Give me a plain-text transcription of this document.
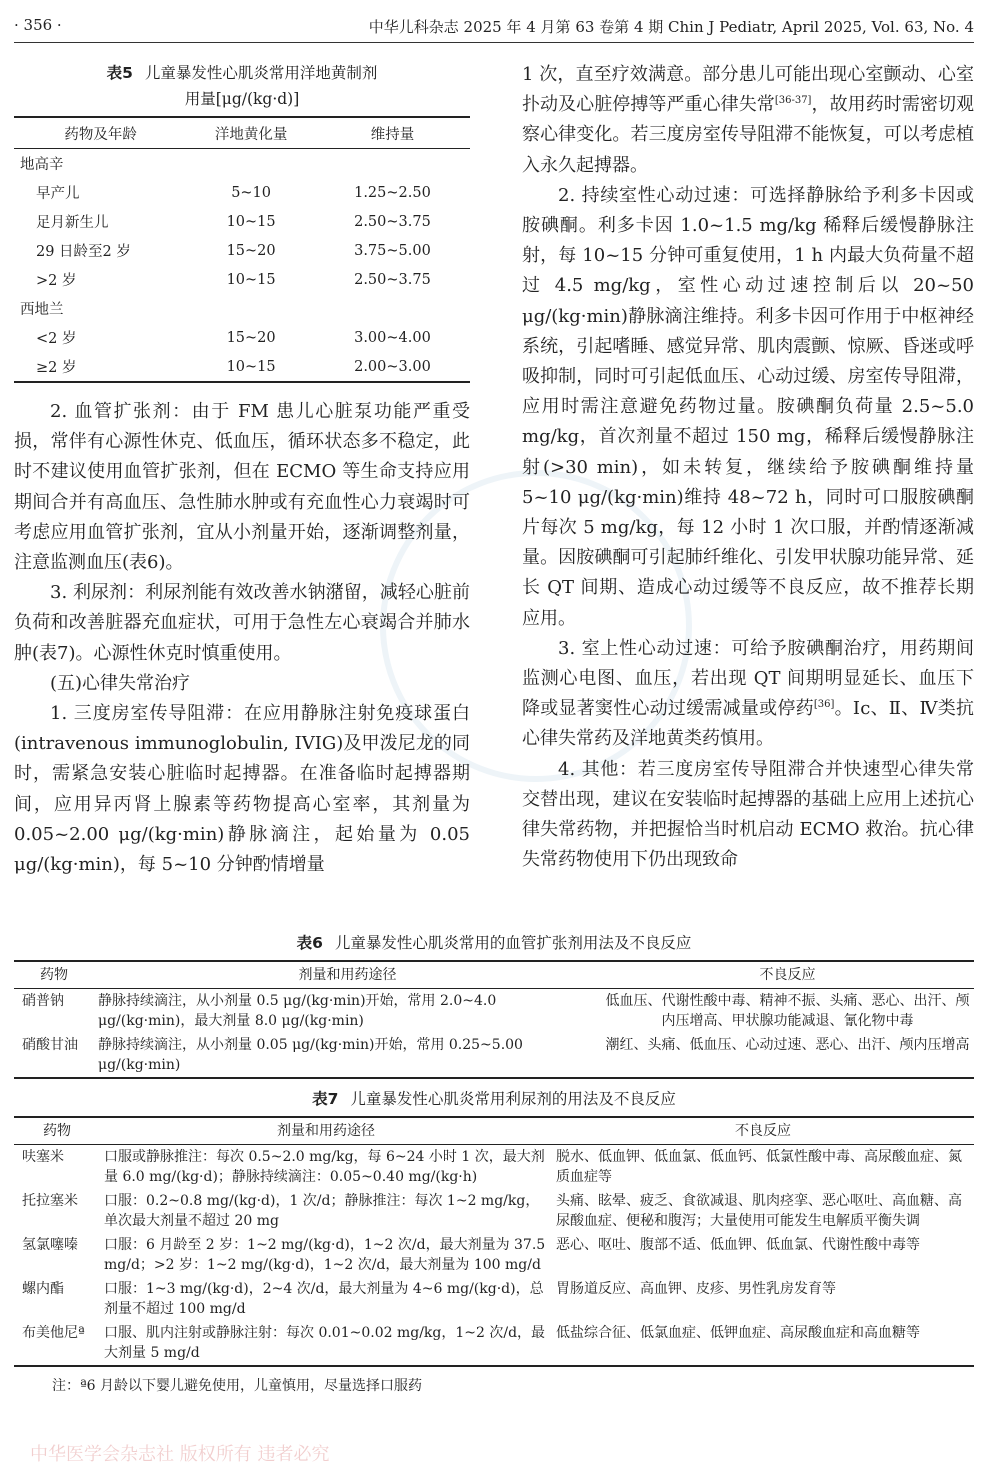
· 356 ·	中华儿科杂志 2025 年 4 月第 63 卷第 4 期 Chin J Pediatr, April 2025, Vol. 63, No. 4
表5 儿童暴发性心肌炎常用洋地黄制剂
用量[μg/(kg·d)]
药物及年龄	洋地黄化量	维持量
地高辛		
早产儿	5~10	1.25~2.50
足月新生儿	10~15	2.50~3.75
29 日龄至2 岁	15~20	3.75~5.00
>2 岁	10~15	2.50~3.75
西地兰		
<2 岁	15~20	3.00~4.00
≥2 岁	10~15	2.00~3.00

2. 血管扩张剂：由于 FM 患儿心脏泵功能严重受损，常伴有心源性休克、低血压，循环状态多不稳定，此时不建议使用血管扩张剂，但在 ECMO 等生命支持应用期间合并有高血压、急性肺水肿或有充血性心力衰竭时可考虑应用血管扩张剂，宜从小剂量开始，逐渐调整剂量，注意监测血压(表6)。

3. 利尿剂：利尿剂能有效改善水钠潴留，减轻心脏前负荷和改善脏器充血症状，可用于急性左心衰竭合并肺水肿(表7)。心源性休克时慎重使用。

(五)心律失常治疗

1. 三度房室传导阻滞：在应用静脉注射免疫球蛋白(intravenous immunoglobulin, IVIG)及甲泼尼龙的同时，需紧急安装心脏临时起搏器。在准备临时起搏器期间，应用异丙肾上腺素等药物提高心室率，其剂量为 0.05~2.00 μg/(kg·min)静脉滴注，起始量为 0.05 μg/(kg·min)，每 5~10 分钟酌情增量

1 次，直至疗效满意。部分患儿可能出现心室颤动、心室扑动及心脏停搏等严重心律失常[36-37]，故用药时需密切观察心律变化。若三度房室传导阻滞不能恢复，可以考虑植入永久起搏器。

2. 持续室性心动过速：可选择静脉给予利多卡因或胺碘酮。利多卡因 1.0~1.5 mg/kg 稀释后缓慢静脉注射，每 10~15 分钟可重复使用，1 h 内最大负荷量不超过 4.5 mg/kg，室性心动过速控制后以 20~50 μg/(kg·min)静脉滴注维持。利多卡因可作用于中枢神经系统，引起嗜睡、感觉异常、肌肉震颤、惊厥、昏迷或呼吸抑制，同时可引起低血压、心动过缓、房室传导阻滞，应用时需注意避免药物过量。胺碘酮负荷量 2.5~5.0 mg/kg，首次剂量不超过 150 mg，稀释后缓慢静脉注射(>30 min)，如未转复，继续给予胺碘酮维持量 5~10 μg/(kg·min)维持 48~72 h，同时可口服胺碘酮片每次 5 mg/kg，每 12 小时 1 次口服，并酌情逐渐减量。因胺碘酮可引起肺纤维化、引发甲状腺功能异常、延长 QT 间期、造成心动过缓等不良反应，故不推荐长期应用。

3. 室上性心动过速：可给予胺碘酮治疗，用药期间监测心电图、血压，若出现 QT 间期明显延长、血压下降或显著窦性心动过缓需减量或停药[36]。Ⅰc、Ⅱ、Ⅳ类抗心律失常药及洋地黄类药慎用。

4. 其他：若三度房室传导阻滞合并快速型心律失常交替出现，建议在安装临时起搏器的基础上应用上述抗心律失常药物，并把握恰当时机启动 ECMO 救治。抗心律失常药物使用下仍出现致命

表6 儿童暴发性心肌炎常用的血管扩张剂用法及不良反应
药物	剂量和用药途径	不良反应
硝普钠	静脉持续滴注，从小剂量 0.5 μg/(kg·min)开始，常用 2.0~4.0 μg/(kg·min)，最大剂量 8.0 μg/(kg·min)	低血压、代谢性酸中毒、精神不振、头痛、恶心、出汗、颅内压增高、甲状腺功能减退、氰化物中毒
硝酸甘油	静脉持续滴注，从小剂量 0.05 μg/(kg·min)开始，常用 0.25~5.00 μg/(kg·min)	潮红、头痛、低血压、心动过速、恶心、出汗、颅内压增高
表7 儿童暴发性心肌炎常用利尿剂的用法及不良反应
药物	剂量和用药途径	不良反应
呋塞米	口服或静脉推注：每次 0.5~2.0 mg/kg，每 6~24 小时 1 次，最大剂量 6.0 mg/(kg·d)；静脉持续滴注：0.05~0.40 mg/(kg·h)	脱水、低血钾、低血氯、低血钙、低氯性酸中毒、高尿酸血症、氮质血症等
托拉塞米	口服：0.2~0.8 mg/(kg·d)，1 次/d；静脉推注：每次 1~2 mg/kg，单次最大剂量不超过 20 mg	头痛、眩晕、疲乏、食欲减退、肌肉痉挛、恶心呕吐、高血糖、高尿酸血症、便秘和腹泻；大量使用可能发生电解质平衡失调
氢氯噻嗪	口服：6 月龄至 2 岁：1~2 mg/(kg·d)，1~2 次/d，最大剂量为 37.5 mg/d；>2 岁：1~2 mg/(kg·d)，1~2 次/d，最大剂量为 100 mg/d	恶心、呕吐、腹部不适、低血钾、低血氯、代谢性酸中毒等
螺内酯	口服：1~3 mg/(kg·d)，2~4 次/d，最大剂量为 4~6 mg/(kg·d)，总剂量不超过 100 mg/d	胃肠道反应、高血钾、皮疹、男性乳房发育等
布美他尼ª	口服、肌内注射或静脉注射：每次 0.01~0.02 mg/kg，1~2 次/d，最大剂量 5 mg/d	低盐综合征、低氯血症、低钾血症、高尿酸血症和高血糖等
注：ª6 月龄以下婴儿避免使用，儿童慎用，尽量选择口服药
中华医学会杂志社 版权所有 违者必究
